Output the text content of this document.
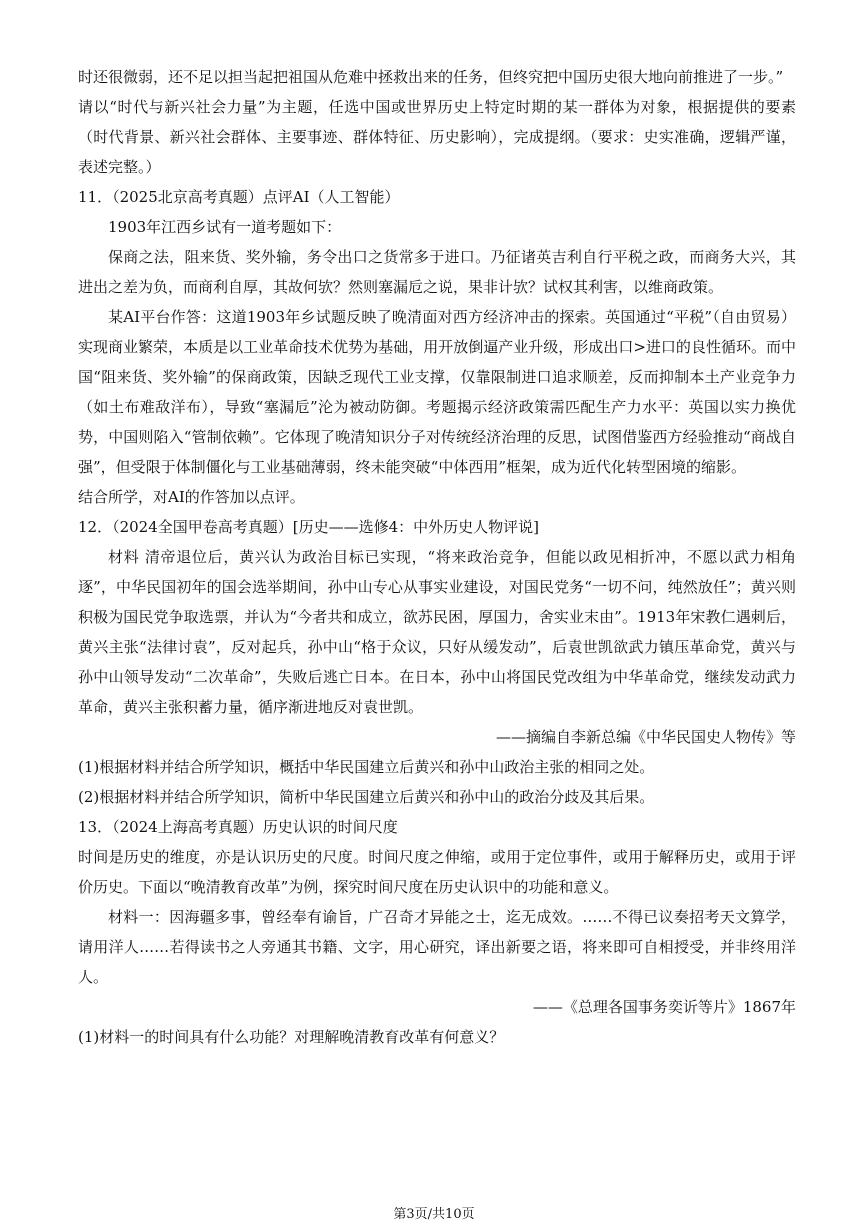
时还很微弱，还不足以担当起把祖国从危难中拯救出来的任务，但终究把中国历史很大地向前推进了一步。”

请以“时代与新兴社会力量”为主题，任选中国或世界历史上特定时期的某一群体为对象，根据提供的要素（时代背景、新兴社会群体、主要事迹、群体特征、历史影响），完成提纲。（要求：史实准确，逻辑严谨，表述完整。）

11．（2025北京高考真题）点评AI（人工智能）

1903年江西乡试有一道考题如下：

保商之法，阻来货、奖外输，务令出口之货常多于进口。乃征诸英吉利自行平税之政，而商务大兴，其进出之差为负，而商利自厚，其故何欤？然则塞漏卮之说，果非计欤？试权其利害，以维商政策。

某AI平台作答：这道1903年乡试题反映了晚清面对西方经济冲击的探索。英国通过“平税”（自由贸易）实现商业繁荣，本质是以工业革命技术优势为基础，用开放倒逼产业升级，形成出口>进口的良性循环。而中国“阻来货、奖外输”的保商政策，因缺乏现代工业支撑，仅靠限制进口追求顺差，反而抑制本土产业竞争力（如土布难敌洋布），导致“塞漏卮”沦为被动防御。考题揭示经济政策需匹配生产力水平：英国以实力换优势，中国则陷入“管制依赖”。它体现了晚清知识分子对传统经济治理的反思，试图借鉴西方经验推动“商战自强”，但受限于体制僵化与工业基础薄弱，终未能突破“中体西用”框架，成为近代化转型困境的缩影。

结合所学，对AI的作答加以点评。

12．（2024全国甲卷高考真题）[历史——选修4：中外历史人物评说]

材料 清帝退位后，黄兴认为政治目标已实现，“将来政治竞争，但能以政见相折冲，不愿以武力相角逐”，中华民国初年的国会选举期间，孙中山专心从事实业建设，对国民党务“一切不问，纯然放任”；黄兴则积极为国民党争取选票，并认为“今者共和成立，欲苏民困，厚国力，舍实业末由”。1913年宋教仁遇刺后，黄兴主张“法律讨袁”，反对起兵，孙中山“格于众议，只好从缓发动”，后袁世凯欲武力镇压革命党，黄兴与孙中山领导发动“二次革命”，失败后逃亡日本。在日本，孙中山将国民党改组为中华革命党，继续发动武力革命，黄兴主张积蓄力量，循序渐进地反对袁世凯。

——摘编自李新总编《中华民国史人物传》等

(1)根据材料并结合所学知识，概括中华民国建立后黄兴和孙中山政治主张的相同之处。

(2)根据材料并结合所学知识，简析中华民国建立后黄兴和孙中山的政治分歧及其后果。

13．（2024上海高考真题）历史认识的时间尺度

时间是历史的维度，亦是认识历史的尺度。时间尺度之伸缩，或用于定位事件，或用于解释历史，或用于评价历史。下面以“晚清教育改革”为例，探究时间尺度在历史认识中的功能和意义。

材料一：因海疆多事，曾经奉有谕旨，广召奇才异能之士，迄无成效。……不得已议奏招考天文算学，请用洋人……若得读书之人旁通其书籍、文字，用心研究，译出新要之语，将来即可自相授受，并非终用洋人。

——《总理各国事务奕䜣等片》1867年

(1)材料一的时间具有什么功能？对理解晚清教育改革有何意义？

第3页/共10页
